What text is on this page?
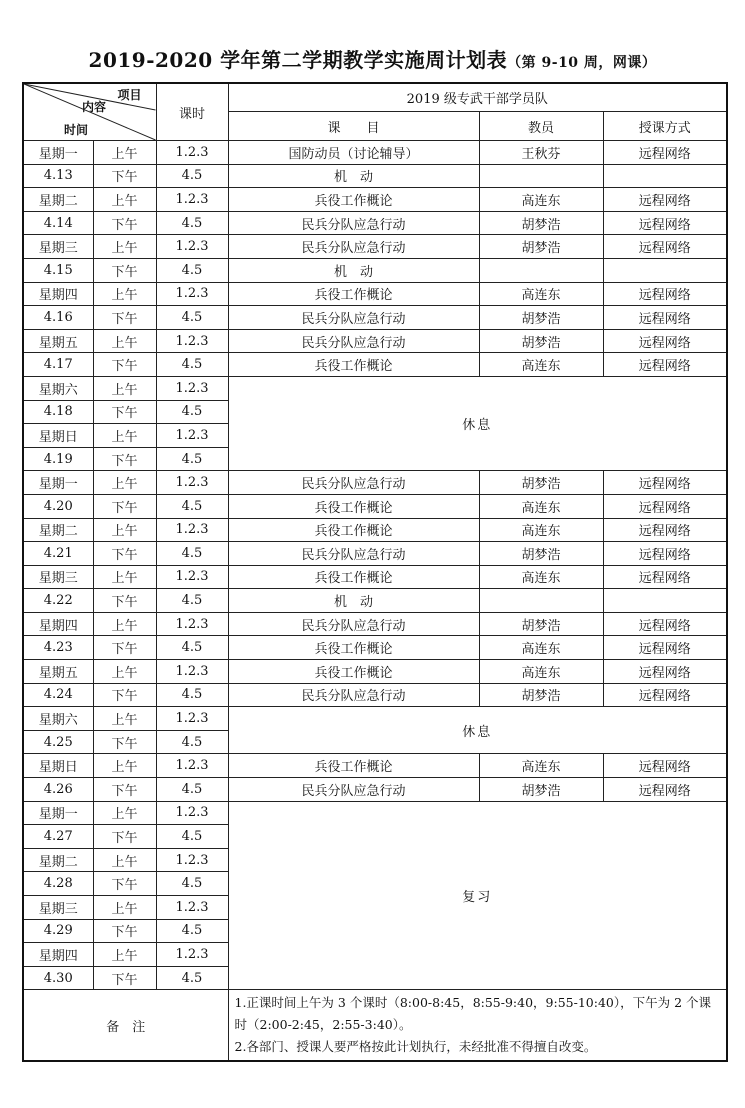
2019-2020 学年第二学期教学实施周计划表（第 9-10 周，网课）
项目
内容
时间		课时	2019 级专武干部学员队		
			课　　目	教员	授课方式
星期一	上午	1.2.3	国防动员（讨论辅导）	王秋芬	远程网络
4.13	下午	4.5	机　动		
星期二	上午	1.2.3	兵役工作概论	高连东	远程网络
4.14	下午	4.5	民兵分队应急行动	胡梦浩	远程网络
星期三	上午	1.2.3	民兵分队应急行动	胡梦浩	远程网络
4.15	下午	4.5	机　动		
星期四	上午	1.2.3	兵役工作概论	高连东	远程网络
4.16	下午	4.5	民兵分队应急行动	胡梦浩	远程网络
星期五	上午	1.2.3	民兵分队应急行动	胡梦浩	远程网络
4.17	下午	4.5	兵役工作概论	高连东	远程网络
星期六	上午	1.2.3	休息		
4.18	下午	4.5			
星期日	上午	1.2.3			
4.19	下午	4.5			
星期一	上午	1.2.3	民兵分队应急行动	胡梦浩	远程网络
4.20	下午	4.5	兵役工作概论	高连东	远程网络
星期二	上午	1.2.3	兵役工作概论	高连东	远程网络
4.21	下午	4.5	民兵分队应急行动	胡梦浩	远程网络
星期三	上午	1.2.3	兵役工作概论	高连东	远程网络
4.22	下午	4.5	机　动		
星期四	上午	1.2.3	民兵分队应急行动	胡梦浩	远程网络
4.23	下午	4.5	兵役工作概论	高连东	远程网络
星期五	上午	1.2.3	兵役工作概论	高连东	远程网络
4.24	下午	4.5	民兵分队应急行动	胡梦浩	远程网络
星期六	上午	1.2.3	休息		
4.25	下午	4.5			
星期日	上午	1.2.3	兵役工作概论	高连东	远程网络
4.26	下午	4.5	民兵分队应急行动	胡梦浩	远程网络
星期一	上午	1.2.3	复习		
4.27	下午	4.5			
星期二	上午	1.2.3			
4.28	下午	4.5			
星期三	上午	1.2.3			
4.29	下午	4.5			
星期四	上午	1.2.3			
4.30	下午	4.5			
备　注			1.正课时间上午为 3 个课时（8:00-8:45，8:55-9:40，9:55-10:40），下午为 2 个课时（2:00-2:45，2:55-3:40）。
2.各部门、授课人要严格按此计划执行，未经批准不得擅自改变。		
